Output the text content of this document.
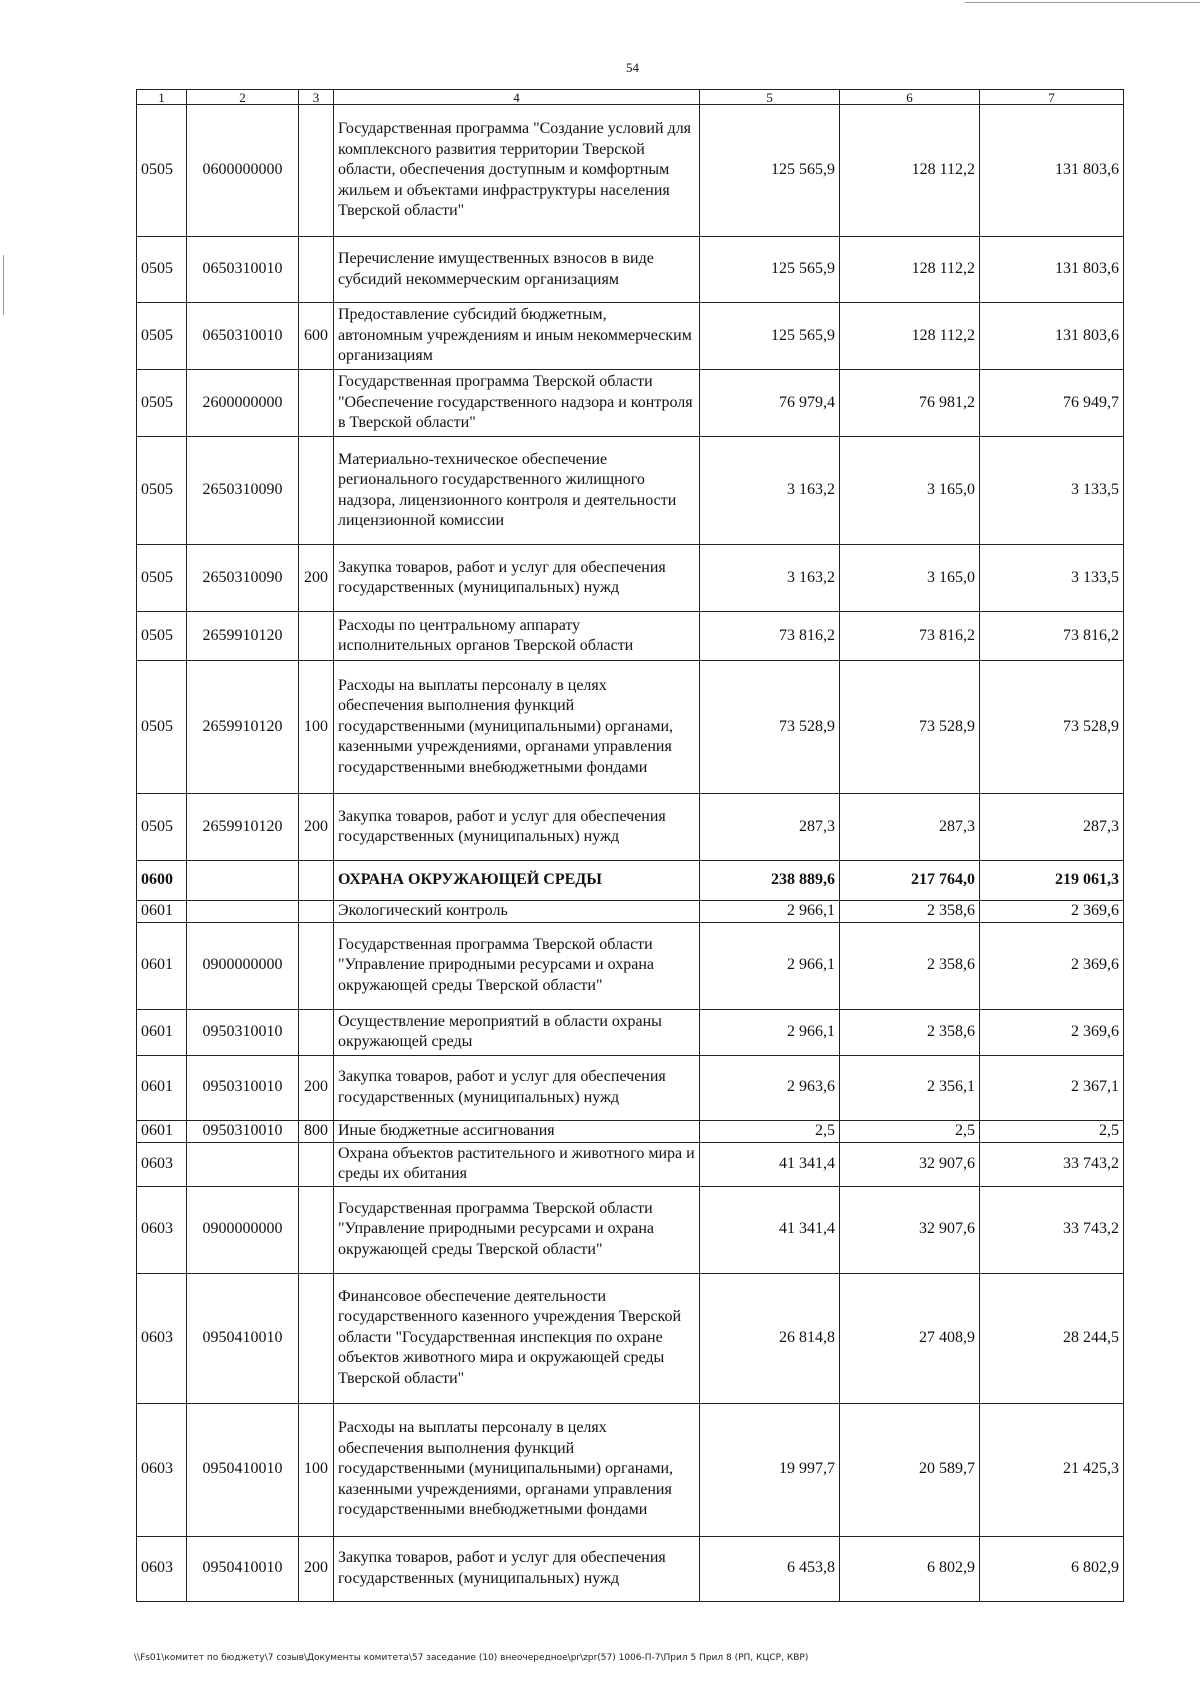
54
1	2	3	4	5	6	7
0505	0600000000		Государственная программа "Создание условий для комплексного развития территории Тверской области, обеспечения доступным и комфортным жильем и объектами инфраструктуры населения Тверской области"	125 565,9	128 112,2	131 803,6
0505	0650310010		Перечисление имущественных взносов в виде субсидий некоммерческим организациям	125 565,9	128 112,2	131 803,6
0505	0650310010	600	Предоставление субсидий бюджетным, автономным учреждениям и иным некоммерческим организациям	125 565,9	128 112,2	131 803,6
0505	2600000000		Государственная программа Тверской области "Обеспечение государственного надзора и контроля в Тверской области"	76 979,4	76 981,2	76 949,7
0505	2650310090		Материально-техническое обеспечение регионального государственного жилищного надзора, лицензионного контроля и деятельности лицензионной комиссии	3 163,2	3 165,0	3 133,5
0505	2650310090	200	Закупка товаров, работ и услуг для обеспечения государственных (муниципальных) нужд	3 163,2	3 165,0	3 133,5
0505	2659910120		Расходы по центральному аппарату исполнительных органов Тверской области	73 816,2	73 816,2	73 816,2
0505	2659910120	100	Расходы на выплаты персоналу в целях обеспечения выполнения функций государственными (муниципальными) органами, казенными учреждениями, органами управления государственными внебюджетными фондами	73 528,9	73 528,9	73 528,9
0505	2659910120	200	Закупка товаров, работ и услуг для обеспечения государственных (муниципальных) нужд	287,3	287,3	287,3
0600			ОХРАНА ОКРУЖАЮЩЕЙ СРЕДЫ	238 889,6	217 764,0	219 061,3
0601			Экологический контроль	2 966,1	2 358,6	2 369,6
0601	0900000000		Государственная программа Тверской области "Управление природными ресурсами и охрана окружающей среды Тверской области"	2 966,1	2 358,6	2 369,6
0601	0950310010		Осуществление мероприятий в области охраны окружающей среды	2 966,1	2 358,6	2 369,6
0601	0950310010	200	Закупка товаров, работ и услуг для обеспечения государственных (муниципальных) нужд	2 963,6	2 356,1	2 367,1
0601	0950310010	800	Иные бюджетные ассигнования	2,5	2,5	2,5
0603			Охрана объектов растительного и животного мира и среды их обитания	41 341,4	32 907,6	33 743,2
0603	0900000000		Государственная программа Тверской области "Управление природными ресурсами и охрана окружающей среды Тверской области"	41 341,4	32 907,6	33 743,2
0603	0950410010		Финансовое обеспечение деятельности государственного казенного учреждения Тверской области "Государственная инспекция по охране объектов животного мира и окружающей среды Тверской области"	26 814,8	27 408,9	28 244,5
0603	0950410010	100	Расходы на выплаты персоналу в целях обеспечения выполнения функций государственными (муниципальными) органами, казенными учреждениями, органами управления государственными внебюджетными фондами	19 997,7	20 589,7	21 425,3
0603	0950410010	200	Закупка товаров, работ и услуг для обеспечения государственных (муниципальных) нужд	6 453,8	6 802,9	6 802,9
\\Fs01\комитет по бюджету\7 созыв\Документы комитета\57 заседание (10) внеочередное\pr\zpr(57) 1006-П-7\Прил 5 Прил 8 (РП, КЦСР, КВР)
